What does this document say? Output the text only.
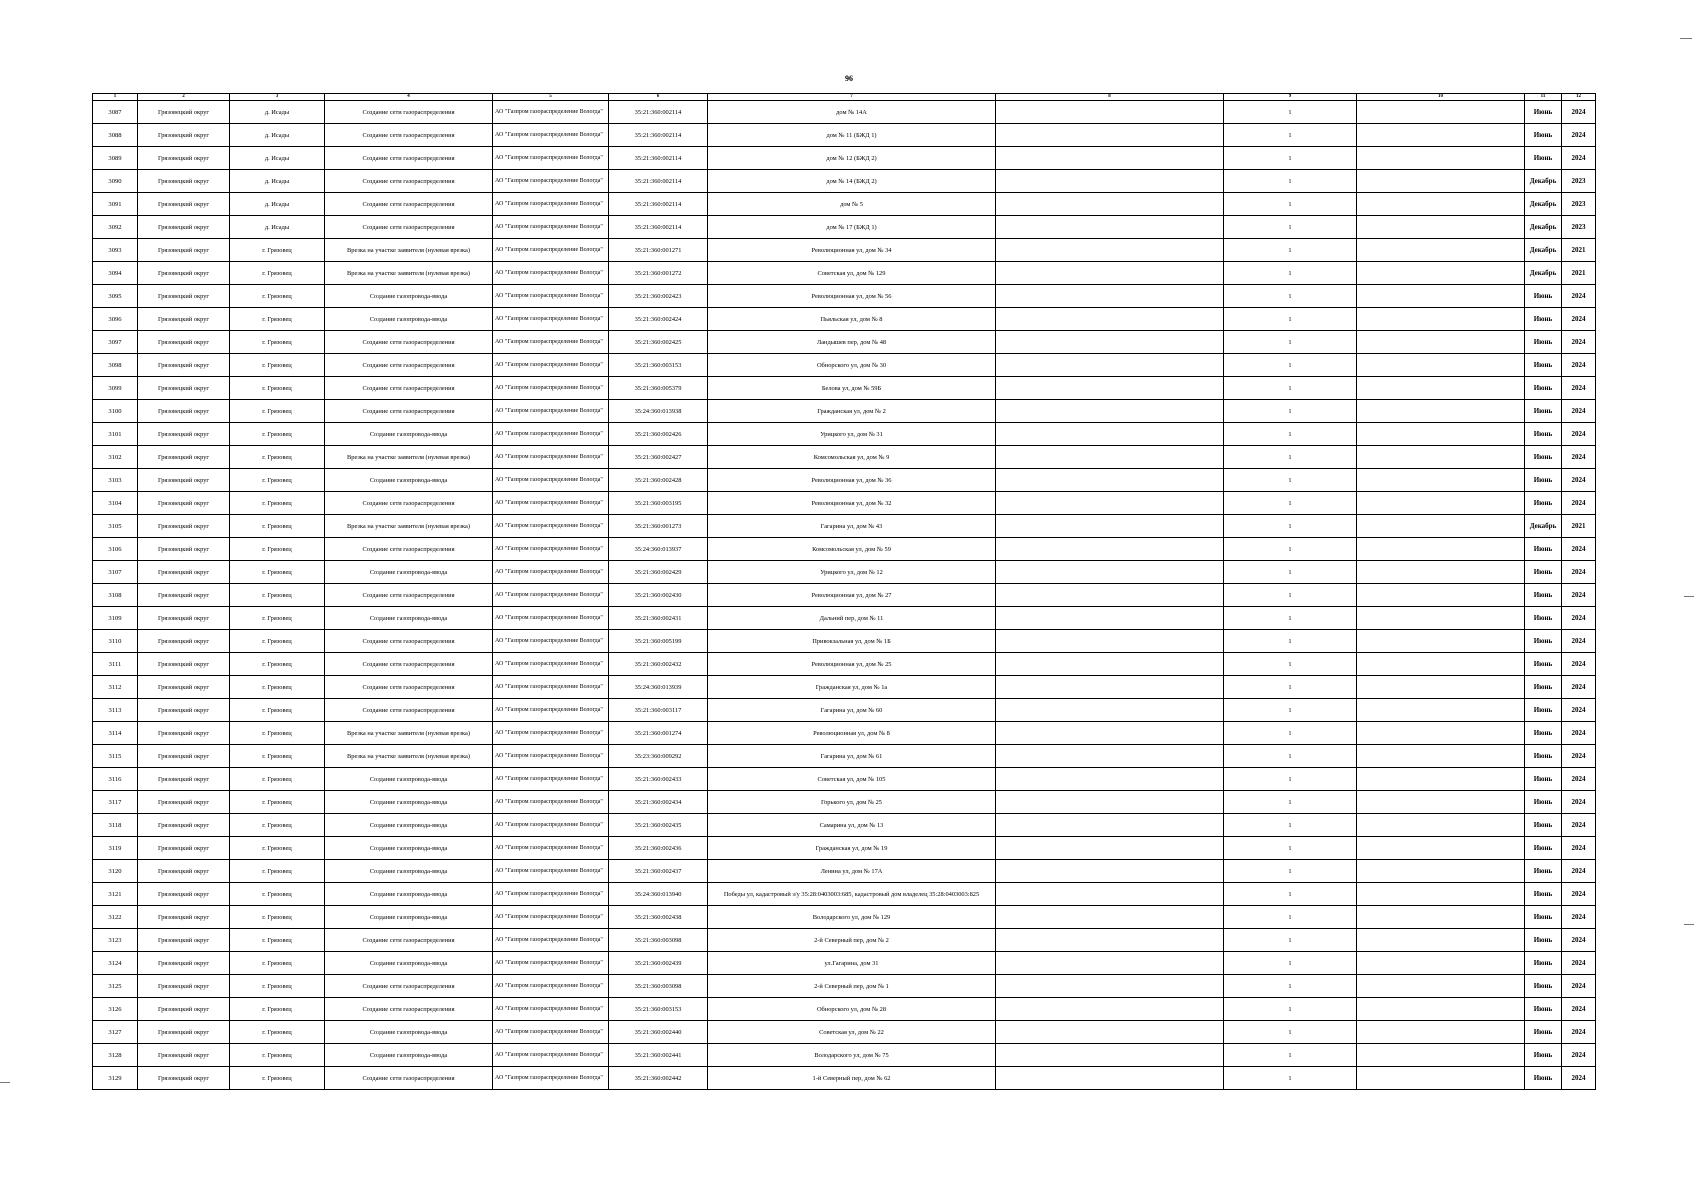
96
1	2	3	4	5	6	7	8	9	10	11	12
3087	Грязовецкий округ	д. Исады	Создание сети газораспределения	АО "Газпром газораспределение Вологда"	35:21:360:002114	дом № 14А		1		Июнь	2024
3088	Грязовецкий округ	д. Исады	Создание сети газораспределения	АО "Газпром газораспределение Вологда"	35:21:360:002114	дом № 11 (БЖД 1)		1		Июнь	2024
3089	Грязовецкий округ	д. Исады	Создание сети газораспределения	АО "Газпром газораспределение Вологда"	35:21:360:002114	дом № 12 (БЖД 2)		1		Июнь	2024
3090	Грязовецкий округ	д. Исады	Создание сети газораспределения	АО "Газпром газораспределение Вологда"	35:21:360:002114	дом № 14 (БЖД 2)		1		Декабрь	2023
3091	Грязовецкий округ	д. Исады	Создание сети газораспределения	АО "Газпром газораспределение Вологда"	35:21:360:002114	дом № 5		1		Декабрь	2023
3092	Грязовецкий округ	д. Исады	Создание сети газораспределения	АО "Газпром газораспределение Вологда"	35:21:360:002114	дом № 17 (БЖД 1)		1		Декабрь	2023
3093	Грязовецкий округ	г. Грязовец	Врезка на участке заявителя (нулевая врезка)	АО "Газпром газораспределение Вологда"	35:21:360:001271	Революционная ул, дом № 34		1		Декабрь	2021
3094	Грязовецкий округ	г. Грязовец	Врезка на участке заявителя (нулевая врезка)	АО "Газпром газораспределение Вологда"	35:21:360:001272	Советская ул, дом № 129		1		Декабрь	2021
3095	Грязовецкий округ	г. Грязовец	Создание газопровода-ввода	АО "Газпром газораспределение Вологда"	35:21:360:002423	Революционная ул, дом № 56		1		Июнь	2024
3096	Грязовецкий округ	г. Грязовец	Создание газопровода-ввода	АО "Газпром газораспределение Вологда"	35:21:360:002424	Пьяльская ул, дом № 8		1		Июнь	2024
3097	Грязовецкий округ	г. Грязовец	Создание сети газораспределения	АО "Газпром газораспределение Вологда"	35:21:360:002425	Ландышев пер, дом № 48		1		Июнь	2024
3098	Грязовецкий округ	г. Грязовец	Создание сети газораспределения	АО "Газпром газораспределение Вологда"	35:21:360:003153	Обнорского ул, дом № 30		1		Июнь	2024
3099	Грязовецкий округ	г. Грязовец	Создание сети газораспределения	АО "Газпром газораспределение Вологда"	35:21:360:005379	Белова ул, дом № 59Б		1		Июнь	2024
3100	Грязовецкий округ	г. Грязовец	Создание сети газораспределения	АО "Газпром газораспределение Вологда"	35:24:360:013938	Гражданская ул, дом № 2		1		Июнь	2024
3101	Грязовецкий округ	г. Грязовец	Создание газопровода-ввода	АО "Газпром газораспределение Вологда"	35:21:360:002426	Урицкого ул, дом № 31		1		Июнь	2024
3102	Грязовецкий округ	г. Грязовец	Врезка на участке заявителя (нулевая врезка)	АО "Газпром газораспределение Вологда"	35:21:360:002427	Комсомольская ул, дом № 9		1		Июнь	2024
3103	Грязовецкий округ	г. Грязовец	Создание газопровода-ввода	АО "Газпром газораспределение Вологда"	35:21:360:002428	Революционная ул, дом № 36		1		Июнь	2024
3104	Грязовецкий округ	г. Грязовец	Создание сети газораспределения	АО "Газпром газораспределение Вологда"	35:21:360:003195	Революционная ул, дом № 32		1		Июнь	2024
3105	Грязовецкий округ	г. Грязовец	Врезка на участке заявителя (нулевая врезка)	АО "Газпром газораспределение Вологда"	35:21:360:001273	Гагарина ул, дом № 43		1		Декабрь	2021
3106	Грязовецкий округ	г. Грязовец	Создание сети газораспределения	АО "Газпром газораспределение Вологда"	35:24:360:013937	Комсомольская ул, дом № 59		1		Июнь	2024
3107	Грязовецкий округ	г. Грязовец	Создание газопровода-ввода	АО "Газпром газораспределение Вологда"	35:21:360:002429	Урицкого ул, дом № 12		1		Июнь	2024
3108	Грязовецкий округ	г. Грязовец	Создание сети газораспределения	АО "Газпром газораспределение Вологда"	35:21:360:002430	Революционная ул, дом № 27		1		Июнь	2024
3109	Грязовецкий округ	г. Грязовец	Создание газопровода-ввода	АО "Газпром газораспределение Вологда"	35:21:360:002431	Дальний пер, дом № 11		1		Июнь	2024
3110	Грязовецкий округ	г. Грязовец	Создание сети газораспределения	АО "Газпром газораспределение Вологда"	35:21:360:005199	Привокзальная ул, дом № 1Б		1		Июнь	2024
3111	Грязовецкий округ	г. Грязовец	Создание сети газораспределения	АО "Газпром газораспределение Вологда"	35:21:360:002432	Революционная ул, дом № 25		1		Июнь	2024
3112	Грязовецкий округ	г. Грязовец	Создание сети газораспределения	АО "Газпром газораспределение Вологда"	35:24:360:013939	Гражданская ул, дом № 1а		1		Июнь	2024
3113	Грязовецкий округ	г. Грязовец	Создание сети газораспределения	АО "Газпром газораспределение Вологда"	35:21:360:003117	Гагарина ул, дом № 60		1		Июнь	2024
3114	Грязовецкий округ	г. Грязовец	Врезка на участке заявителя (нулевая врезка)	АО "Газпром газораспределение Вологда"	35:21:360:001274	Революционная ул, дом № 8		1		Июнь	2024
3115	Грязовецкий округ	г. Грязовец	Врезка на участке заявителя (нулевая врезка)	АО "Газпром газораспределение Вологда"	35:23:360:009292	Гагарина ул, дом № 61		1		Июнь	2024
3116	Грязовецкий округ	г. Грязовец	Создание газопровода-ввода	АО "Газпром газораспределение Вологда"	35:21:360:002433	Советская ул, дом № 105		1		Июнь	2024
3117	Грязовецкий округ	г. Грязовец	Создание газопровода-ввода	АО "Газпром газораспределение Вологда"	35:21:360:002434	Горького ул, дом № 25		1		Июнь	2024
3118	Грязовецкий округ	г. Грязовец	Создание газопровода-ввода	АО "Газпром газораспределение Вологда"	35:21:360:002435	Самарина ул, дом № 13		1		Июнь	2024
3119	Грязовецкий округ	г. Грязовец	Создание газопровода-ввода	АО "Газпром газораспределение Вологда"	35:21:360:002436	Гражданская ул, дом № 19		1		Июнь	2024
3120	Грязовецкий округ	г. Грязовец	Создание газопровода-ввода	АО "Газпром газораспределение Вологда"	35:21:360:002437	Ленина ул, дом № 17А		1		Июнь	2024
3121	Грязовецкий округ	г. Грязовец	Создание газопровода-ввода	АО "Газпром газораспределение Вологда"	35:24:360:013940	Победы ул, кадастровый з/у 35:28:0403003:685, кадастровый дом владелец 35:28:0403003:825		1		Июнь	2024
3122	Грязовецкий округ	г. Грязовец	Создание газопровода-ввода	АО "Газпром газораспределение Вологда"	35:21:360:002438	Володарского ул, дом № 129		1		Июнь	2024
3123	Грязовецкий округ	г. Грязовец	Создание сети газораспределения	АО "Газпром газораспределение Вологда"	35:21:360:003098	2-й Северный пер, дом № 2		1		Июнь	2024
3124	Грязовецкий округ	г. Грязовец	Создание газопровода-ввода	АО "Газпром газораспределение Вологда"	35:21:360:002439	ул.Гагарина, дом 31		1		Июнь	2024
3125	Грязовецкий округ	г. Грязовец	Создание сети газораспределения	АО "Газпром газораспределение Вологда"	35:21:360:003098	2-й Северный пер, дом № 1		1		Июнь	2024
3126	Грязовецкий округ	г. Грязовец	Создание сети газораспределения	АО "Газпром газораспределение Вологда"	35:21:360:003153	Обнорского ул, дом № 28		1		Июнь	2024
3127	Грязовецкий округ	г. Грязовец	Создание газопровода-ввода	АО "Газпром газораспределение Вологда"	35:21:360:002440	Советская ул, дом № 22		1		Июнь	2024
3128	Грязовецкий округ	г. Грязовец	Создание газопровода-ввода	АО "Газпром газораспределение Вологда"	35:21:360:002441	Володарского ул, дом № 75		1		Июнь	2024
3129	Грязовецкий округ	г. Грязовец	Создание сети газораспределения	АО "Газпром газораспределение Вологда"	35:21:360:002442	1-й Северный пер, дом № 62		1		Июнь	2024
